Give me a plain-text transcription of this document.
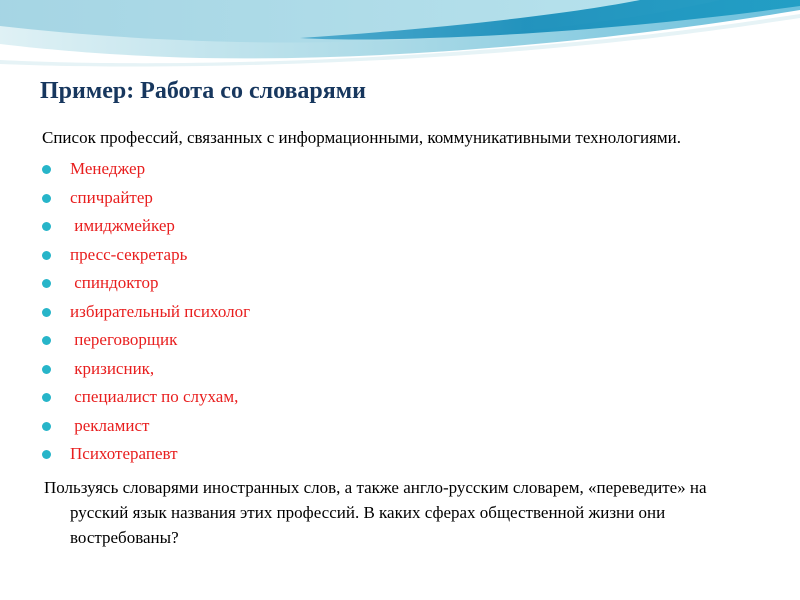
Пример: Работа со словарями

Список профессий, связанных с информационными, коммуникативными технологиями.

Менеджер
спичрайтер
имиджмейкер
пресс-секретарь
спиндоктор
избирательный психолог
переговорщик
кризисник,
специалист по слухам,
рекламист
Психотерапевт

Пользуясь словарями иностранных слов, а также англо-русским словарем, «переведите» на русский язык названия этих профессий. В каких сферах общественной жизни они востребованы?
